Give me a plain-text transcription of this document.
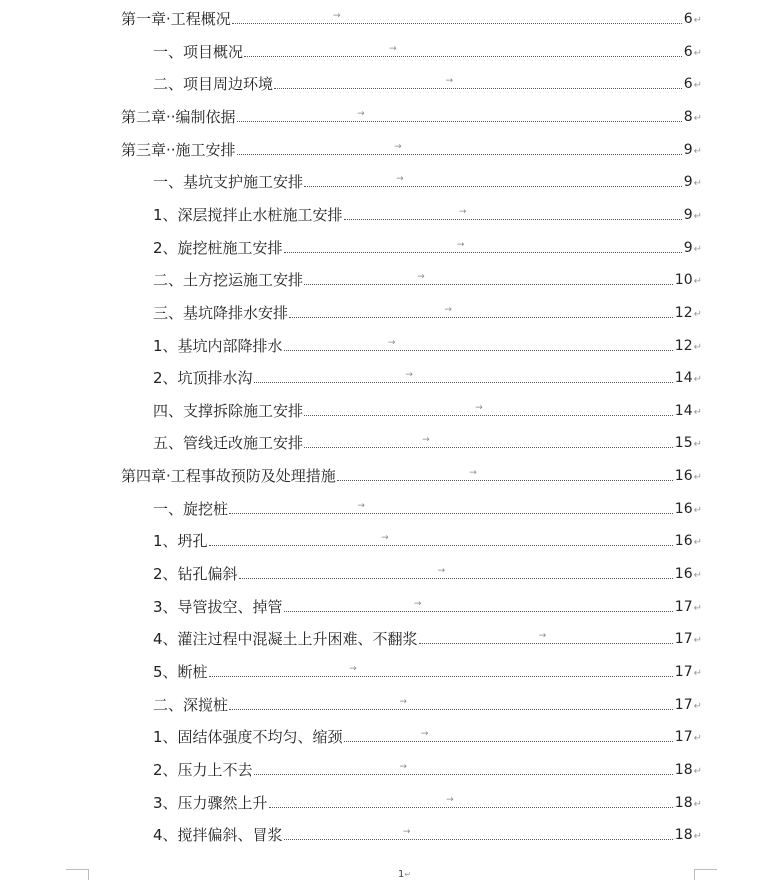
第一章·工程概况	→	6 ↵
一、项目概况	→	6 ↵
二、项目周边环境	→	6 ↵
第二章··编制依据	→	8 ↵
第三章··施工安排	→	9 ↵
一、基坑支护施工安排	→	9 ↵
1、深层搅拌止水桩施工安排	→	9 ↵
2、旋挖桩施工安排	→	9 ↵
二、土方挖运施工安排	→	10 ↵
三、基坑降排水安排	→	12 ↵
1、基坑内部降排水	→	12 ↵
2、坑顶排水沟	→	14 ↵
四、支撑拆除施工安排	→	14 ↵
五、管线迁改施工安排	→	15 ↵
第四章·工程事故预防及处理措施	→	16 ↵
一、旋挖桩	→	16 ↵
1、坍孔	→	16 ↵
2、钻孔偏斜	→	16 ↵
3、导管拔空、掉管	→	17 ↵
4、灌注过程中混凝土上升困难、不翻浆	→	17 ↵
5、断桩	→	17 ↵
二、深搅桩	→	17 ↵
1、固结体强度不均匀、缩颈	→	17 ↵
2、压力上不去	→	18 ↵
3、压力骤然上升	→	18 ↵
4、搅拌偏斜、冒浆	→	18 ↵
1↵
